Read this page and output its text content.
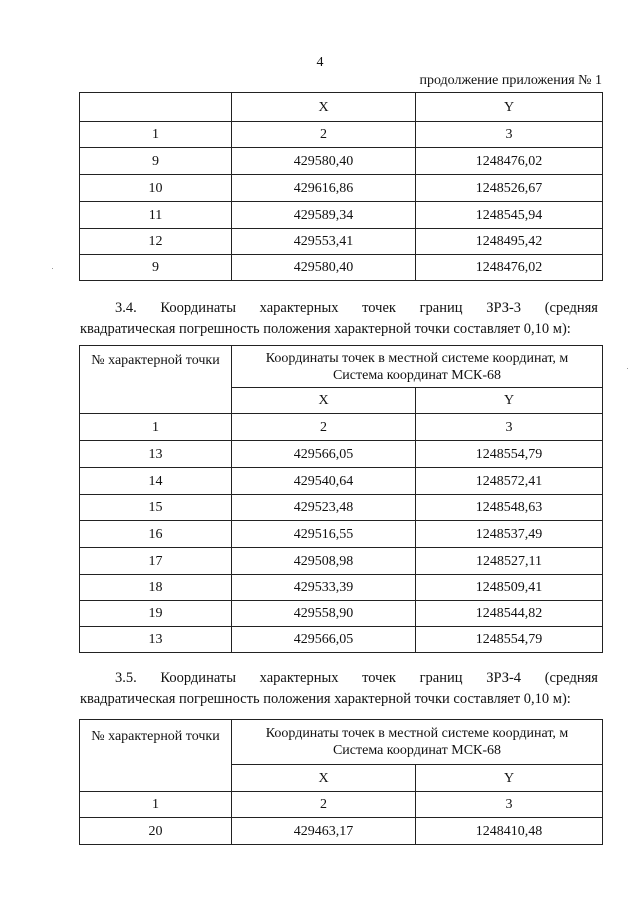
4
продолжение приложения № 1
	X	Y
1	2	3
9	429580,40	1248476,02
10	429616,86	1248526,67
11	429589,34	1248545,94
12	429553,41	1248495,42
9	429580,40	1248476,02
3.4. Координаты характерных точек границ ЗРЗ-3 (средняя
квадратическая погрешность положения характерной точки составляет 0,10 м):
№ характерной точки	Координаты точек в местной системе координат, м
Система координат МСК-68	

	X	Y
1	2	3
13	429566,05	1248554,79
14	429540,64	1248572,41
15	429523,48	1248548,63
16	429516,55	1248537,49
17	429508,98	1248527,11
18	429533,39	1248509,41
19	429558,90	1248544,82
13	429566,05	1248554,79
3.5. Координаты характерных точек границ ЗРЗ-4 (средняя
квадратическая погрешность положения характерной точки составляет 0,10 м):
№ характерной точки	Координаты точек в местной системе координат, м
Система координат МСК-68	

	X	Y
1	2	3
20	429463,17	1248410,48
